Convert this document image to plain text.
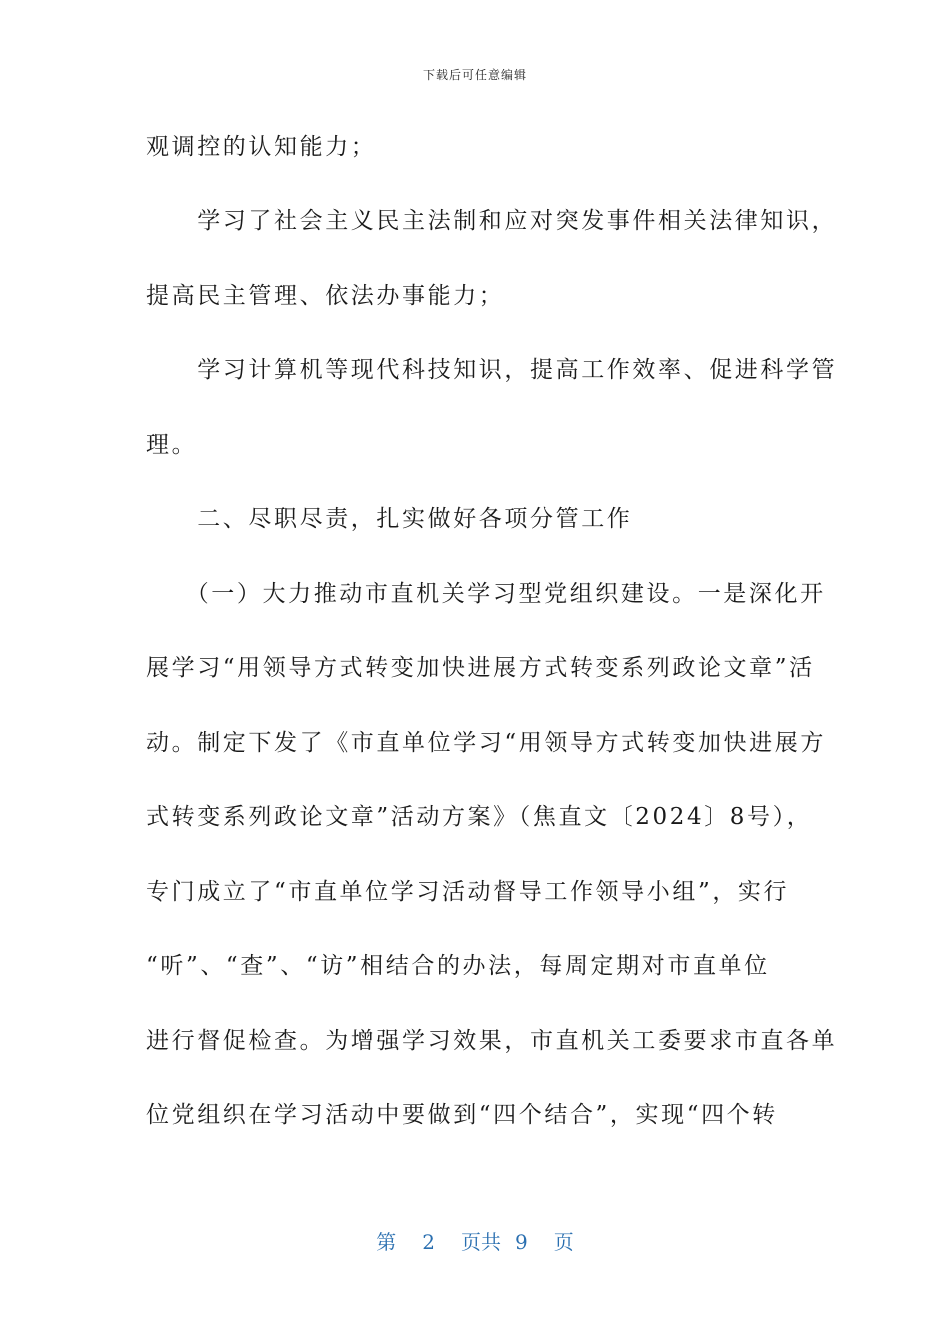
下载后可任意编辑
观调控的认知能力；
　　学习了社会主义民主法制和应对突发事件相关法律知识，
提高民主管理、依法办事能力；
　　学习计算机等现代科技知识，提高工作效率、促进科学管
理。
　　二、尽职尽责，扎实做好各项分管工作
　　（一）大力推动市直机关学习型党组织建设。一是深化开
展学习“用领导方式转变加快进展方式转变系列政论文章”活
动。制定下发了《市直单位学习“用领导方式转变加快进展方
式转变系列政论文章”活动方案》（焦直文〔2024〕8号），
专门成立了“市直单位学习活动督导工作领导小组”，实行
“听”、“查”、“访”相结合的办法，每周定期对市直单位
进行督促检查。为增强学习效果，市直机关工委要求市直各单
位党组织在学习活动中要做到“四个结合”，实现“四个转
第 2 页共 9 页
